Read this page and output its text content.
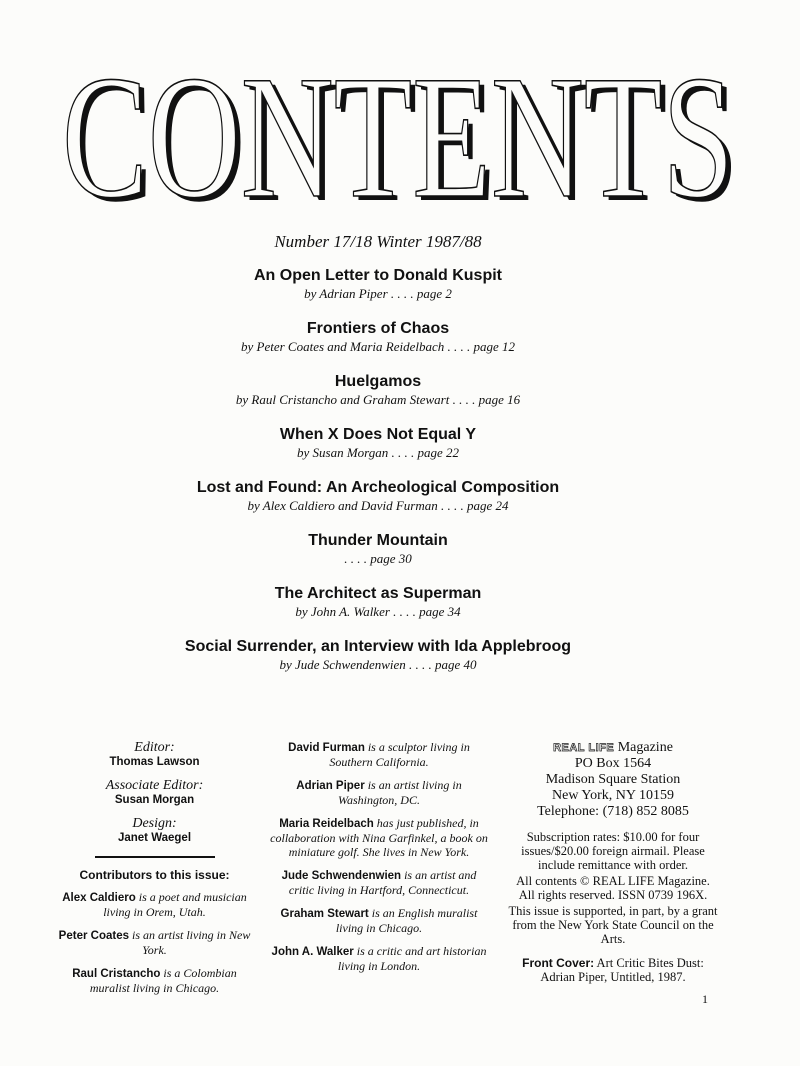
CONTENTS
CONTENTS
Number 17/18 Winter 1987/88
An Open Letter to Donald Kuspit
by Adrian Piper . . . . page 2
Frontiers of Chaos
by Peter Coates and Maria Reidelbach . . . . page 12
Huelgamos
by Raul Cristancho and Graham Stewart . . . . page 16
When X Does Not Equal Y
by Susan Morgan . . . . page 22
Lost and Found: An Archeological Composition
by Alex Caldiero and David Furman . . . . page 24
Thunder Mountain
. . . . page 30
The Architect as Superman
by John A. Walker . . . . page 34
Social Surrender, an Interview with Ida Applebroog
by Jude Schwendenwien . . . . page 40
Editor:
Thomas Lawson
Associate Editor:
Susan Morgan
Design:
Janet Waegel
Contributors to this issue:
Alex Caldiero is a poet and musician living in Orem, Utah.
Peter Coates is an artist living in New York.
Raul Cristancho is a Colombian muralist living in Chicago.
David Furman is a sculptor living in Southern California.
Adrian Piper is an artist living in Washington, DC.
Maria Reidelbach has just published, in collaboration with Nina Garfinkel, a book on miniature golf. She lives in New York.
Jude Schwendenwien is an artist and critic living in Hartford, Connecticut.
Graham Stewart is an English muralist living in Chicago.
John A. Walker is a critic and art historian living in London.
REAL LIFE Magazine
PO Box 1564
Madison Square Station
New York, NY 10159
Telephone: (718) 852 8085
Subscription rates: $10.00 for four issues/$20.00 foreign airmail. Please include remittance with order.
All contents © REAL LIFE Magazine. All rights reserved. ISSN 0739 196X.
This issue is supported, in part, by a grant from the New York State Council on the Arts.
Front Cover: Art Critic Bites Dust: Adrian Piper, Untitled, 1987.
1
